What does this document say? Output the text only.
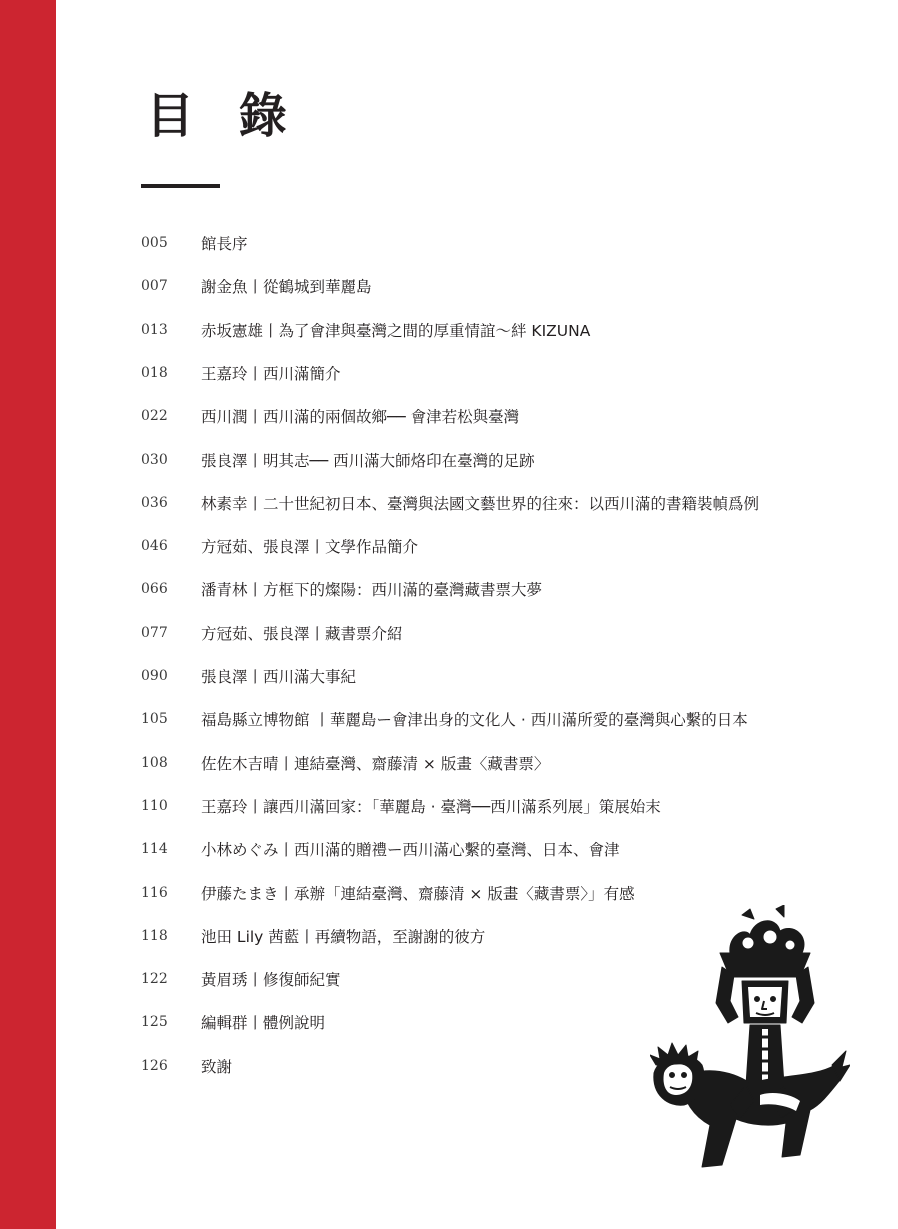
目 錄
005	館長序
007	謝金魚丨從鶴城到華麗島
013	赤坂憲雄丨為了會津與臺灣之間的厚重情誼～絆 KIZUNA
018	王嘉玲丨西川滿簡介
022	西川潤丨西川滿的兩個故鄉── 會津若松與臺灣
030	張良澤丨明其志── 西川滿大師烙印在臺灣的足跡
036	林素幸丨二十世紀初日本、臺灣與法國文藝世界的往來：以西川滿的書籍裝幀爲例
046	方冠茹、張良澤丨文學作品簡介
066	潘青林丨方框下的燦陽：西川滿的臺灣藏書票大夢
077	方冠茹、張良澤丨藏書票介紹
090	張良澤丨西川滿大事紀
105	福島縣立博物館 丨華麗島ー會津出身的文化人 ‧ 西川滿所愛的臺灣與心繫的日本
108	佐佐木吉晴丨連結臺灣、齋藤清 × 版畫〈藏書票〉
110	王嘉玲丨讓西川滿回家：「華麗島 ‧ 臺灣──西川滿系列展」策展始末
114	小林めぐみ丨西川滿的贈禮ー西川滿心繫的臺灣、日本、會津
116	伊藤たまき丨承辦「連結臺灣、齋藤清 × 版畫〈藏書票〉」有感
118	池田 Lily 茜藍丨再續物語，至謝謝的彼方
122	黃眉琇丨修復師紀實
125	編輯群丨體例說明
126	致謝
